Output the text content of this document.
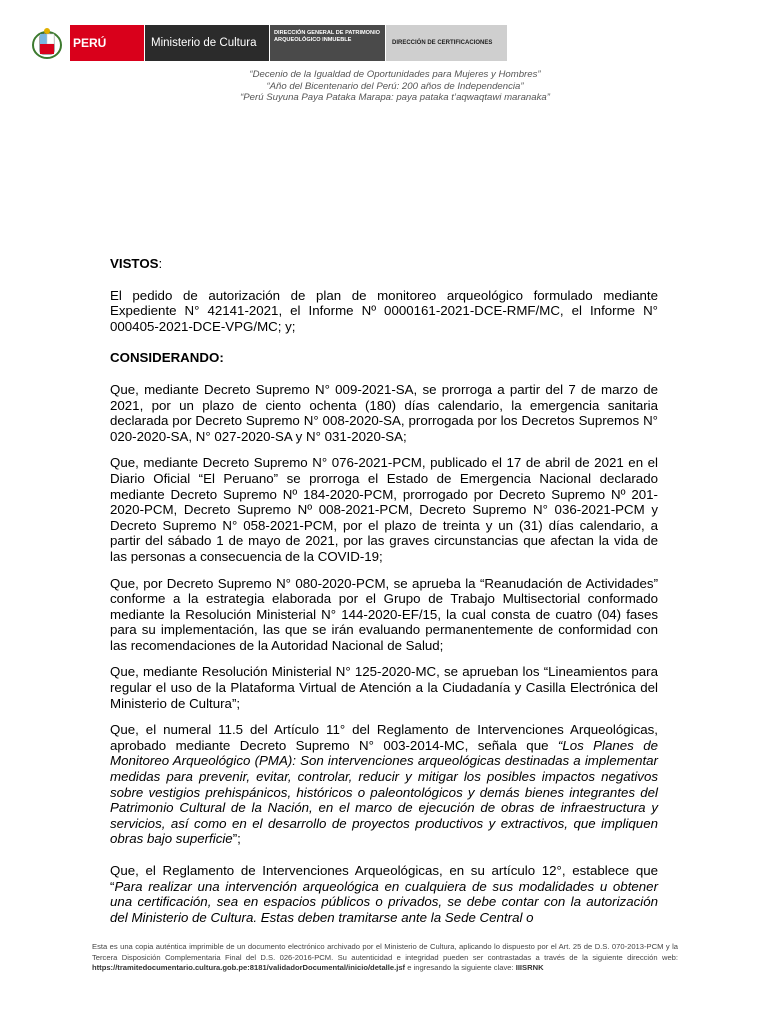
PERÚ	Ministerio de Cultura
DIRECCIÓN GENERAL DE PATRIMONIO ARQUEOLÓGICO INMUEBLE	DIRECCIÓN DE CERTIFICACIONES
“Decenio de la Igualdad de Oportunidades para Mujeres y Hombres”
“Año del Bicentenario del Perú: 200 años de Independencia”
“Perú Suyuna Paya Pataka Marapa: paya pataka t’aqwaqtawi maranaka”

VISTOS:

El pedido de autorización de plan de monitoreo arqueológico formulado mediante Expediente N° 42141-2021, el Informe Nº 0000161-2021-DCE-RMF/MC, el Informe N° 000405-2021-DCE-VPG/MC; y;

CONSIDERANDO:

Que, mediante Decreto Supremo N° 009-2021-SA, se prorroga a partir del 7 de marzo de 2021, por un plazo de ciento ochenta (180) días calendario, la emergencia sanitaria declarada por Decreto Supremo N° 008-2020-SA, prorrogada por los Decretos Supremos N° 020-2020-SA, N° 027-2020-SA y N° 031-2020-SA;

Que, mediante Decreto Supremo N° 076-2021-PCM, publicado el 17 de abril de 2021 en el Diario Oficial “El Peruano” se prorroga el Estado de Emergencia Nacional declarado mediante Decreto Supremo Nº 184-2020-PCM, prorrogado por Decreto Supremo Nº 201-2020-PCM, Decreto Supremo Nº 008-2021-PCM, Decreto Supremo N° 036-2021-PCM y Decreto Supremo N° 058-2021-PCM, por el plazo de treinta y un (31) días calendario, a partir del sábado 1 de mayo de 2021, por las graves circunstancias que afectan la vida de las personas a consecuencia de la COVID-19;

Que, por Decreto Supremo N° 080-2020-PCM, se aprueba la “Reanudación de Actividades” conforme a la estrategia elaborada por el Grupo de Trabajo Multisectorial conformado mediante la Resolución Ministerial N° 144-2020-EF/15, la cual consta de cuatro (04) fases para su implementación, las que se irán evaluando permanentemente de conformidad con las recomendaciones de la Autoridad Nacional de Salud;

Que, mediante Resolución Ministerial N° 125-2020-MC, se aprueban los “Lineamientos para regular el uso de la Plataforma Virtual de Atención a la Ciudadanía y Casilla Electrónica del Ministerio de Cultura”;

Que, el numeral 11.5 del Artículo 11° del Reglamento de Intervenciones Arqueológicas, aprobado mediante Decreto Supremo N° 003-2014-MC, señala que “Los Planes de Monitoreo Arqueológico (PMA): Son intervenciones arqueológicas destinadas a implementar medidas para prevenir, evitar, controlar, reducir y mitigar los posibles impactos negativos sobre vestigios prehispánicos, históricos o paleontológicos y demás bienes integrantes del Patrimonio Cultural de la Nación, en el marco de ejecución de obras de infraestructura y servicios, así como en el desarrollo de proyectos productivos y extractivos, que impliquen obras bajo superficie”;

Que, el Reglamento de Intervenciones Arqueológicas, en su artículo 12°, establece que “Para realizar una intervención arqueológica en cualquiera de sus modalidades u obtener una certificación, sea en espacios públicos o privados, se debe contar con la autorización del Ministerio de Cultura. Estas deben tramitarse ante la Sede Central o

Esta es una copia auténtica imprimible de un documento electrónico archivado por el Ministerio de Cultura, aplicando lo dispuesto por el Art. 25 de D.S. 070-2013-PCM y la Tercera Disposición Complementaria Final del D.S. 026-2016-PCM. Su autenticidad e integridad pueden ser contrastadas a través de la siguiente dirección web: https://tramitedocumentario.cultura.gob.pe:8181/validadorDocumental/inicio/detalle.jsf e ingresando la siguiente clave: IIISRNK
